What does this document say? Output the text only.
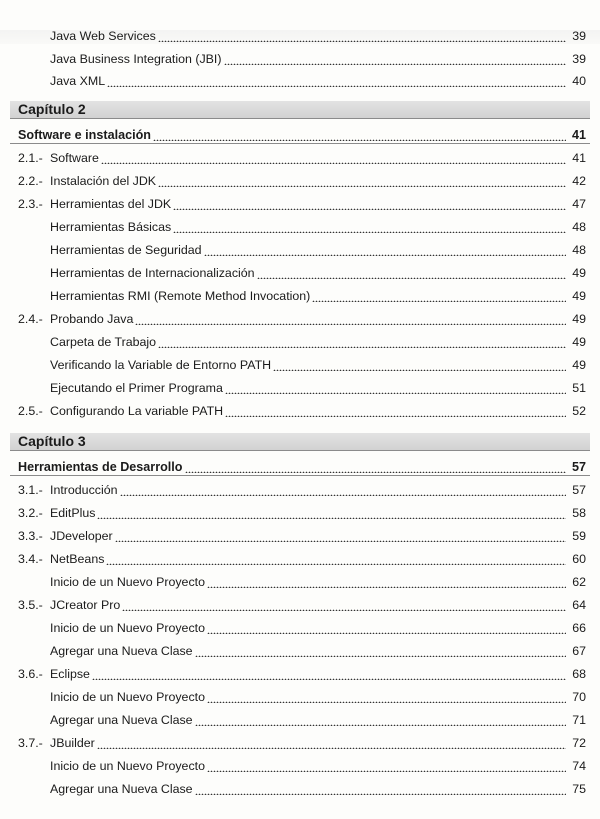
Java Web Services	39
Java Business Integration (JBI)	39
Java XML	40
Capítulo 2
Software e instalación	41
2.1.- Software	41
2.2.- Instalación del JDK	42
2.3.- Herramientas del JDK	47
Herramientas Básicas	48
Herramientas de Seguridad	48
Herramientas de Internacionalización	49
Herramientas RMI (Remote Method Invocation)	49
2.4.- Probando Java	49
Carpeta de Trabajo	49
Verificando la Variable de Entorno PATH	49
Ejecutando el Primer Programa	51
2.5.- Configurando La variable PATH	52
Capítulo 3
Herramientas de Desarrollo	57
3.1.- Introducción	57
3.2.- EditPlus	58
3.3.- JDeveloper	59
3.4.- NetBeans	60
Inicio de un Nuevo Proyecto	62
3.5.- JCreator Pro	64
Inicio de un Nuevo Proyecto	66
Agregar una Nueva Clase	67
3.6.- Eclipse	68
Inicio de un Nuevo Proyecto	70
Agregar una Nueva Clase	71
3.7.- JBuilder	72
Inicio de un Nuevo Proyecto	74
Agregar una Nueva Clase	75
